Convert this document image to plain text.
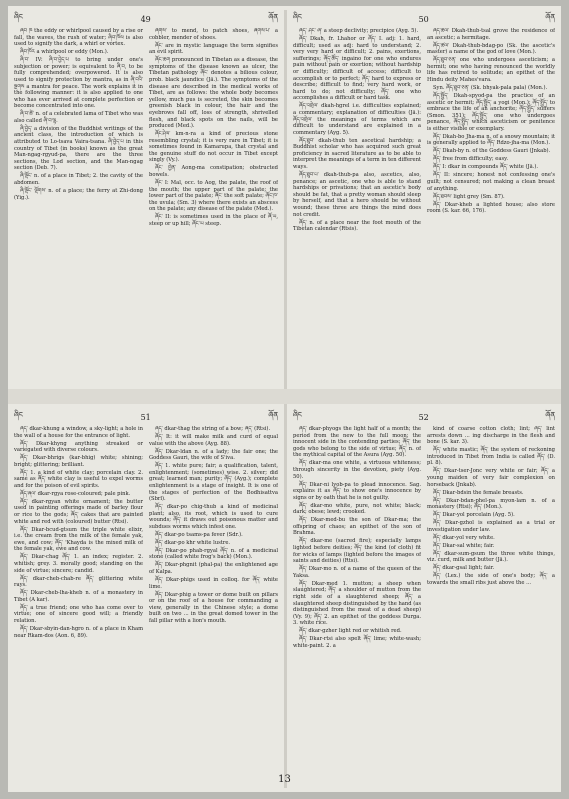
ཞིང	49	ཞོན

ཞིབ ཁ the eddy or whirlpool caused by a rise or fall, the waves, the rush of water; ཞིབ་ཁོལ is also used to signify the dark, a whirl or vortex.

ཞིབ་ཁོར a whirlpool or eddy (Mon.).

ཞི་བ་ IV: ཞི་བ་བྱེད་པ to bring under one's subjection or power; is equivalent to ཞི་བ, to be fully comprehended; overpowered. It is also used to signify protection by mantra, as in ཞི་བའི་སྔགས a mantra for peace. The work explains it in the following manner: it is also applied to one who has ever arrived at complete perfection or become concentrated into one.

ཞི་བ་ཚེ་ n. of a celebrated lama of Tibet who was also called ཞི་བ་ལྷ.

ཞི་བྱེད་ a division of the Buddhist writings of the ancient class, the introduction of which is attributed to Lo-tsava Vaira-tsana. ཞི་བྱེད་པ in this country of Tibet (in books) known as the great Man-ngag-rgyud-pa, there are the three sections, the Lod section, and the Man-ngag section (Deb. 7).

ཞི་ལྡོང་ n. of a place in Tibet; 2. the cavity of the abdomen.

ཞི་ལྡོང་ ལྡོགས་ n. of a place; the ferry at Zhi-dong (Yig.).

ཞོགས་ to mend, to patch shoes, ཞོགས་པ་ a cobbler, mender of shoes.

ཞོང་ are in mystic language the term signifies an evil spirit.

ཞོང་ཆག pronounced in Tibetan as a disease, the symptoms of the disease known as ulcer, the Tibetan pathology ཞོང་ denotes a bilious colour, prob. black jaundice (Jä.). The symptoms of the disease are described in the medical works of Tibet, are as follows: the whole body becomes yellow, much pus is secreted, the skin becomes greenish black in colour, the hair and the eyebrows fall off, loss of strength, shrivelled flesh, and black spots on the nails, will be produced (Med.).

ཞོང་ཤེལ་ km-n-ra a kind of precious stone resembling crystal; it is very rare in Tibet; it is sometimes found in Kamarupa, that crystal and the genuine stuff do not occur in Tibet except singly (Vy.).

ཞོང་ གྱེན་ Aong-ma constipation; obstructed bowels.

ཞོང་ I: Mal, occ. to Aog, the palate, the roof of the mouth; the upper part of the palate; the lower part of the palate; ཞོང་ the soft palate; ཞོང་ཁ་ the uvula; (Sm. 3) where there exists an abscess on the palate; any disease of the palate (Med.).

ཞོང་ II: is sometimes used in the place of ཞོ་ཡ, steep or up hill; ཞོང་ཡ steep.

ཞིང	50	ཞོན

ཞོད་ ཤོང་ ཞི་ a steep declivity; precipice (Ayg. 5).

ཞོད་ Dkah, fr. Lhahor or ཞོད་ I. adj: 1. hard, difficult; used as adj: hard to understand; 2. very very hard or difficult; 2. pains, exertions, sufferings; ཞོད་ཚོད་ ingaino for one who endures pain without pain or exertion; without hardship or difficulty; difficult of access; difficult to accomplish or to perfect; ཞོད་ hard to express or describe; difficult to find; very hard work, or hard to do; not difficulty; ཞོད་ one who accomplishes a difficult or hard task.

ཞོད་འགྲེལ་ dkah-hgrel i.e. difficulties explained; a commentary; explanation of difficulties (Jä.): ཞོད་འགྲེལ་ the meanings of terms which are difficult to understand are explained in a commentary (Ayg. 5).

ཞོད་ཐུབ་ dkah-thub ten ascetical hardship; a Buddhist scholar who has acquired such great proficiency in sacred literature as to be able to interpret the meanings of a term in ten different ways.

ཞོད་ཐུབ་པ་ dkah-thub-pa also, ascetics, also, penance; an ascetic, one who is able to stand hardships or privations; that an ascetic's body should be fat, that a pretty woman should sleep by herself, and that a hero should be without wound; these three are things the mind does not credit.

ཞོད་ n. of a place near the foot mouth of the Tibetan calendar (Rtsis).

ཞོད་ཚལ་ Dkah-thub-tsal grove the residence of an ascetic; a hermitage.

ཞོད་ཚལ་ Dkah-thub-bdag-po (Sk. the ascetic's master) a name of the god of love (Mon.).

ཞོད་ཐུབ་ཅན་ one who undergoes asceticism; a hermit; one who having renounced the worldly life has retired to solitude; an epithet of the Hindu deity Mahes'vara.

Syn. ཞོད་ཐུབ་ཅན་ (Sk. bhyak-pala pala) (Mon.).

ཞོད་སྤྱོད་ Dkah-spyod-pa the practice of an ascetic or hermit; ཞོད་སྤྱོད་ a yogi (Mon.); ཞོད་སྤྱོད་ to embrace the life of an anchorite; ཞོད་སྤྱོད་ suffers (Smon. 351); ཞོད་སྤྱོད་ one who undergoes penance, ཞོད་སྤྱོད་ which asceticism or penitence is either visible or exemplary.

ཞོད་ Dkah-bo Jha-ma n. of a snowy mountain; it is generally applied to ཞོད་ Rdzo-jha-ma (Mon.).

ཞོད་ Dkah-by n. of the Goddess Gauri (Jnkab).

ཞོད་ free from difficulty; easy.

ཞོད་ I: dkar in compounds ཞོད་ white (Jä.).

ཞོད་ II: sincere; honest not confessing one's guilt; not censured; not making a clean breast of anything.

ཞོད་ཐབས་ light grey (Sm. 87).

ཞོད་ Dkar-kheb a lighted house; also store room (S. kar. 66, 176).

ཞིང	51	ཞོན

ཞོད་ dkar-khung a window, a sky-light; a hole in the wall of a house for the entrance of light.

ཞོད་ Dkar-khyng anything streaked or variegated with diverse colours.

ཞོད་ Dkar-bhrigs (kar-bhig) white; shining; bright; glittering; brilliant.

ཞོད་ 1. a kind of white clay; porcelain clay. 2. same as ཞོད་ white clay is useful to expel worms and for the poison of evil spirits.

ཞོད་ཞལ་ dkar-rgya rose-coloured; pale pink.

ཞོད་ dkar-rgyan white ornament; the butter used in painting offerings made of barley flour or rice to the gods; ཞོད་ cakes that are painted white and red with (coloured) butter (Rtsi).

ཞོད་ Dkar-bcud-gtsum the triple white elixir, i.e. the cream from the milk of the female yak, ewe, and cow; ཞོད་ 'Khayda is the mixed milk of the female yak, ewe and cow.

ཞོད་ Dkar-chag ཞོད་ 1. an index; register. 2. whitish; grey. 3. morally good; standing on the side of virtue; sincere; candid.

ཞོད་ dkar-cheb-chab-re ཞོད་ glittering white rays.

ཞོད་ Dkar-cheb-lha-kheb n. of a monastery in Tibet (A kar).

ཞོད་ a true friend; one who has come over to virtue; one of sincere good will; a friendly relation.

ཞོད་ Dkar-sbyin-dan-hgro n. of a place in Kham near Rkam-dos (Aon. 6, 89).

ཞོད་ dkar-thag the string of a bow; ཞོད་ (Rtsi).

ཞོད་ It: it will make milk and curd of equal value with the above (Ayg. 88).

ཞོད་ Dkar-ldan n. of a lady; the fair one; the Goddess Gauri, the wife of S'iva.

ཞོད་ 1. white pure; fair; a qualification, talent, enlightenment; (sometimes) wise. 2. silver; did great; learned man; purity; ཞོད་ (Ayg.); complete enlightenment is a stage of insight. It is one of the stages of perfection of the Bodhisattva (Sbrl).

ཞོད་ dkar-po chig-thub a kind of medicinal plant; also, its root, which is used to cure wounds; ཞོད་ it draws out poisonous matter and subdues worms which infest one.

ཞོད་ dkar-po tsams-pa fever (Sdr.).

ཞོད་ dkar-po khr white lustre.

ཞོད་ Dkar-po phab-rgyal ཞོད་ n. of a medicinal stone (called white frog's back) (Mon.).

ཞོད་ Dkar-phgnit (phal-pa) the enlightened age of Kalpa.

ཞོད་ Dkar-phigs used in colloq. for ཞོད་ white lime.

ཞོད་ Dkar-phig a tower or dome built on pillars or on the roof of a house for commanding a view, generally in the Chinese style; a dome built on two ... in the great domed tower in the fall pillar with a lion's mouth.

ཞིང	52	ཞོན

ཞོད་ dkar-phyogs the light half of a month; the period from the new to the full moon; the innocent side in the contending parties; ཞོད་ the gods who belong to the side of virtue; ཞོད་ n. of the mythical capital of the Asura (Ayg. 50).

ཞོད་ dkar-ma one white, a virtuous whiteness; through sincerity in the devotion, piety (Ayg. 50).

ཞོད་ Dkar-ni lyob-pa to plead innocence. Sag. explains it as ཞོད་ to show one's innocence by signs or by oath that he is not guilty.

ཞོད་ dkar-mo white, pure, not white; black; dark; obese; lewd; crooked.

ཞོད་ Dkar-med-bu the son of Dkar-ma; the offspring of chaos; an epithet of the son of Brahma.

ཞོད་ dkar-me (sacred fire); especially lamps lighted before deities; ཞོད་ the kind (of cloth) fit for wicks of lamps (lighted before the images of saints and deities) (Rtsi).

ཞོད་ Dkar-mo n. of a name of the queen of the Yaksa.

ཞོད་ Dkar-med 1. mutton; a sheep when slaughtered; ཞོད་ a shoulder of mutton from the right side of a slaughtered sheep; ཞོད་ a slaughtered sheep distinguished by the hand (as distinguished from the meat of a dead sheep) (Vy. 9); ཞོད་ 2. an epithet of the goddess Durga. 3. white rice.

ཞོད་ dkar-gzher light red or whitish red.

ཞོད་ Dkar-rtsi also spelt ཞོད་ lime; white-wash; white-paint. 2. a

kind of coarse cotton cloth; lint; ཞོད་ lint arrests down ... ing discharge in the flesh and bone (S. kar. 3).

ཞོད་ white mastic; ཞོད་ the system of reckoning introduced in Tibet from India is called ཞོད་ (D. pl. 8).

ཞོད་ Dkar-tser-Jonc very white or fair; ཞོད་ a young maiden of very fair complexion on horseback (Jnkab).

ཞོད་ Dkar-bdsin the female breasts.

ཞོད་ Dkar-bdan-phel-pa myon-lam n. of a monastery (Rtsi); ཞོད་ (Mon.).

ཞོད་ Dkar-yol porcelain (Ayg. 5).

ཞོད་ Dkar-gzhol is explained as a trial or investigation under law.

ཞོད་ dkar-yol very white.

ཞོད་ Dkar-sal white; fair.

ཞོད་ dkar-sum-gsum the three white things, viz. curd, milk and butter (Jä.).

ཞོད་ dkar-gsal light; fair.

ཞོད་ (Lex.) the side of one's body; ཞོད་ a towards the small ribs just above the ...

13
